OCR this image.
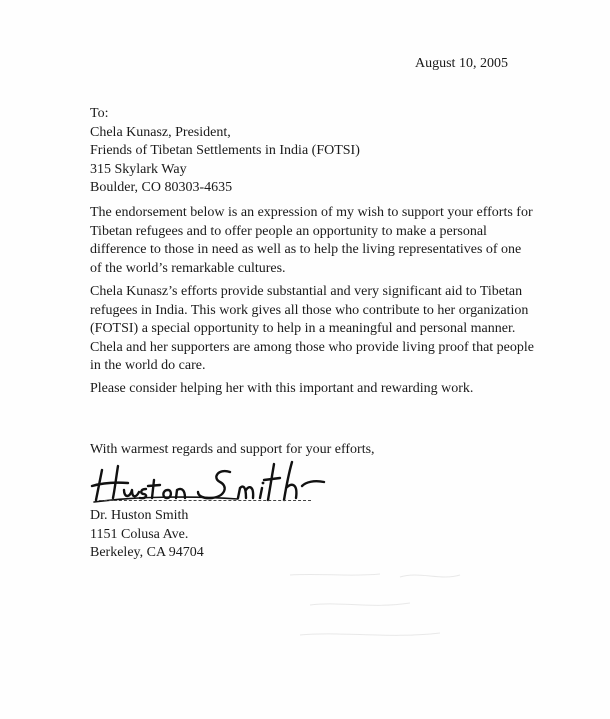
August 10, 2005
To:
Chela Kunasz, President,
Friends of Tibetan Settlements in India (FOTSI)
315 Skylark Way
Boulder, CO 80303-4635

The endorsement below is an expression of my wish to support your efforts for Tibetan refugees and to offer people an opportunity to make a personal difference to those in need as well as to help the living representatives of one of the world’s remarkable cultures.

Chela Kunasz’s efforts provide substantial and very significant aid to Tibetan refugees in India. This work gives all those who contribute to her organization (FOTSI) a special opportunity to help in a meaningful and personal manner. Chela and her supporters are among those who provide living proof that people in the world do care.

Please consider helping her with this important and rewarding work.

With warmest regards and support for your efforts,
Dr. Huston Smith
1151 Colusa Ave.
Berkeley, CA 94704
